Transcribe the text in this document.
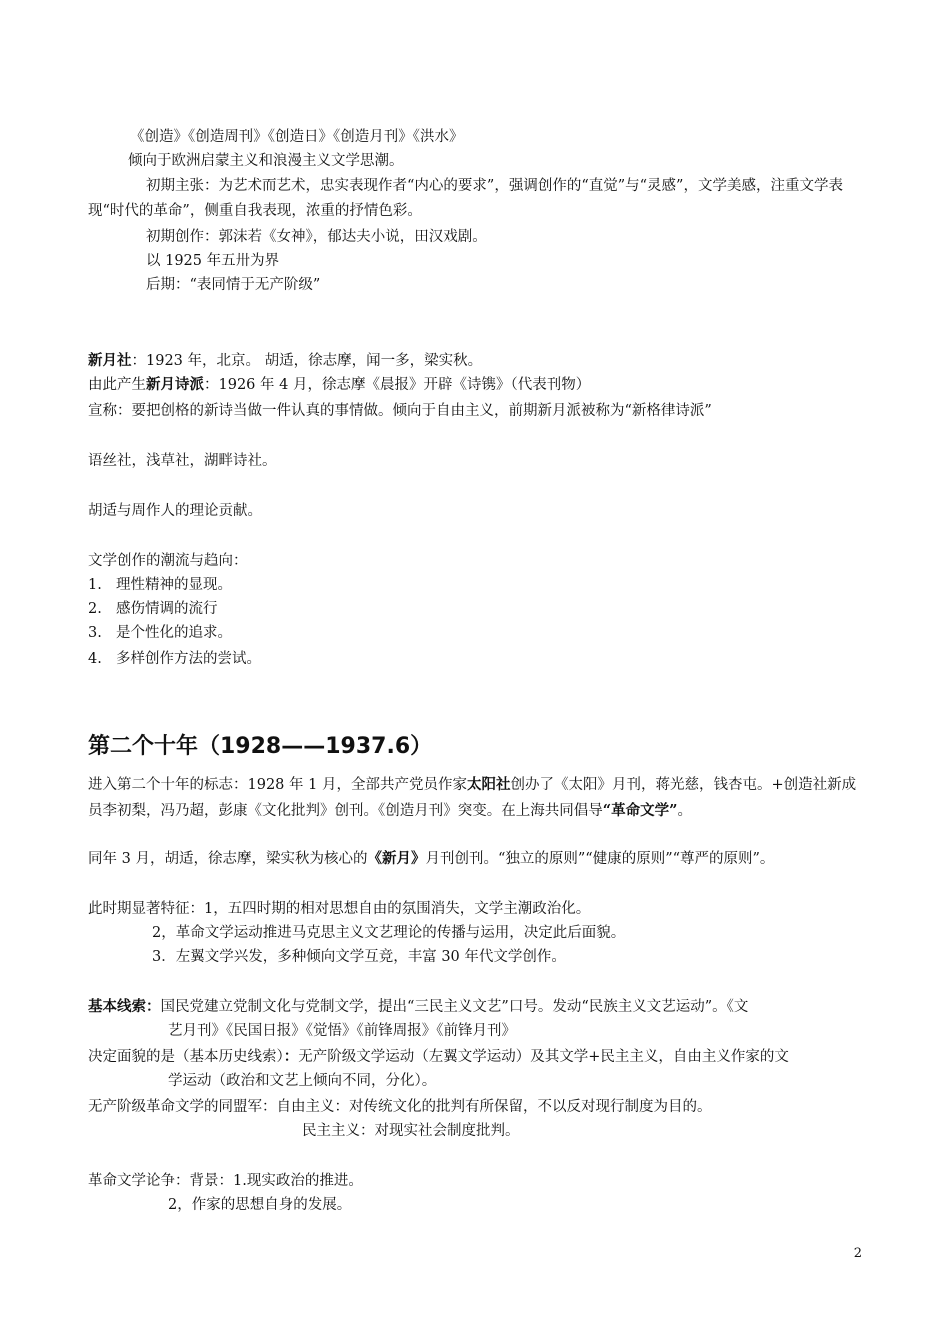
《创造》《创造周刊》《创造日》《创造月刊》《洪水》
倾向于欧洲启蒙主义和浪漫主义文学思潮。
初期主张：为艺术而艺术，忠实表现作者“内心的要求”，强调创作的“直觉”与“灵感”，文学美感，注重文学表现“时代的革命”，侧重自我表现，浓重的抒情色彩。
初期创作：郭沫若《女神》，郁达夫小说，田汉戏剧。
以 1925 年五卅为界
后期：“表同情于无产阶级”
新月社：1923 年，北京。 胡适，徐志摩，闻一多，梁实秋。
由此产生新月诗派：1926 年 4 月，徐志摩《晨报》开辟《诗镌》（代表刊物）
宣称：要把创格的新诗当做一件认真的事情做。倾向于自由主义，前期新月派被称为“新格律诗派”
语丝社，浅草社，湖畔诗社。
胡适与周作人的理论贡献。
文学创作的潮流与趋向：
1. 理性精神的显现。
2. 感伤情调的流行
3. 是个性化的追求。
4. 多样创作方法的尝试。
第二个十年（1928——1937.6）
进入第二个十年的标志：1928 年 1 月，全部共产党员作家太阳社创办了《太阳》月刊，蒋光慈，钱杏屯。+创造社新成员李初梨，冯乃超，彭康《文化批判》创刊。《创造月刊》突变。在上海共同倡导“革命文学”。
同年 3 月，胡适，徐志摩，梁实秋为核心的《新月》月刊创刊。“独立的原则”“健康的原则”“尊严的原则”。
此时期显著特征：1，五四时期的相对思想自由的氛围消失，文学主潮政治化。
2，革命文学运动推进马克思主义文艺理论的传播与运用，决定此后面貌。
3．左翼文学兴发，多种倾向文学互竞，丰富 30 年代文学创作。
基本线索：国民党建立党制文化与党制文学，提出“三民主义文艺”口号。发动“民族主义文艺运动”。《文
艺月刊》《民国日报》《觉悟》《前锋周报》《前锋月刊》
决定面貌的是（基本历史线索）：无产阶级文学运动（左翼文学运动）及其文学+民主主义，自由主义作家的文
学运动（政治和文艺上倾向不同，分化）。
无产阶级革命文学的同盟军：自由主义：对传统文化的批判有所保留，不以反对现行制度为目的。
民主主义：对现实社会制度批判。
革命文学论争：背景：1.现实政治的推进。
2，作家的思想自身的发展。
2
